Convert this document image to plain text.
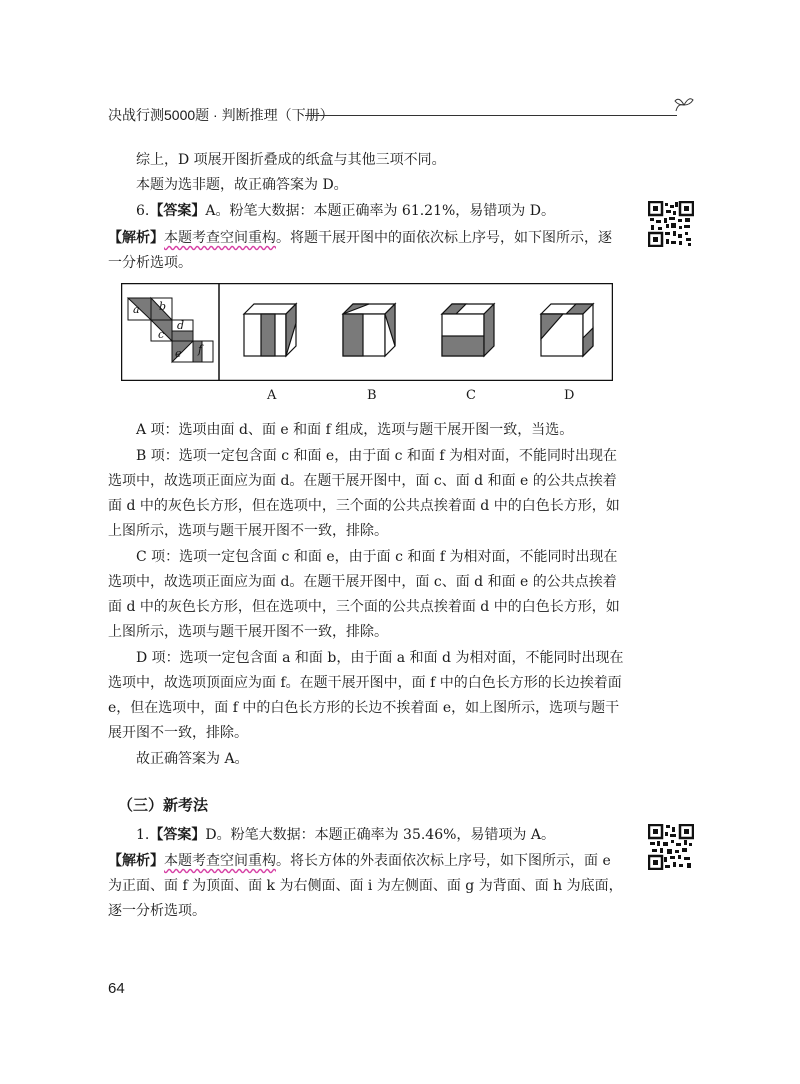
决战行测5000题 · 判断推理（下册）

综上，D 项展开图折叠成的纸盒与其他三项不同。

本题为选非题，故正确答案为 D。

6.【答案】A。粉笔大数据：本题正确率为 61.21%，易错项为 D。

【解析】本题考查空间重构。将题干展开图中的面依次标上序号，如下图所示，逐一分析选项。

a b
c
d
e f
A	B	C	D

A 项：选项由面 d、面 e 和面 f 组成，选项与题干展开图一致，当选。

B 项：选项一定包含面 c 和面 e，由于面 c 和面 f 为相对面，不能同时出现在选项中，故选项正面应为面 d。在题干展开图中，面 c、面 d 和面 e 的公共点挨着面 d 中的灰色长方形，但在选项中，三个面的公共点挨着面 d 中的白色长方形，如上图所示，选项与题干展开图不一致，排除。

C 项：选项一定包含面 c 和面 e，由于面 c 和面 f 为相对面，不能同时出现在选项中，故选项正面应为面 d。在题干展开图中，面 c、面 d 和面 e 的公共点挨着面 d 中的灰色长方形，但在选项中，三个面的公共点挨着面 d 中的白色长方形，如上图所示，选项与题干展开图不一致，排除。

D 项：选项一定包含面 a 和面 b，由于面 a 和面 d 为相对面，不能同时出现在选项中，故选项顶面应为面 f。在题干展开图中，面 f 中的白色长方形的长边挨着面 e，但在选项中，面 f 中的白色长方形的长边不挨着面 e，如上图所示，选项与题干展开图不一致，排除。

故正确答案为 A。

（三）新考法

1.【答案】D。粉笔大数据：本题正确率为 35.46%，易错项为 A。

【解析】本题考查空间重构。将长方体的外表面依次标上序号，如下图所示，面 e 为正面、面 f 为顶面、面 k 为右侧面、面 i 为左侧面、面 g 为背面、面 h 为底面，逐一分析选项。

64
